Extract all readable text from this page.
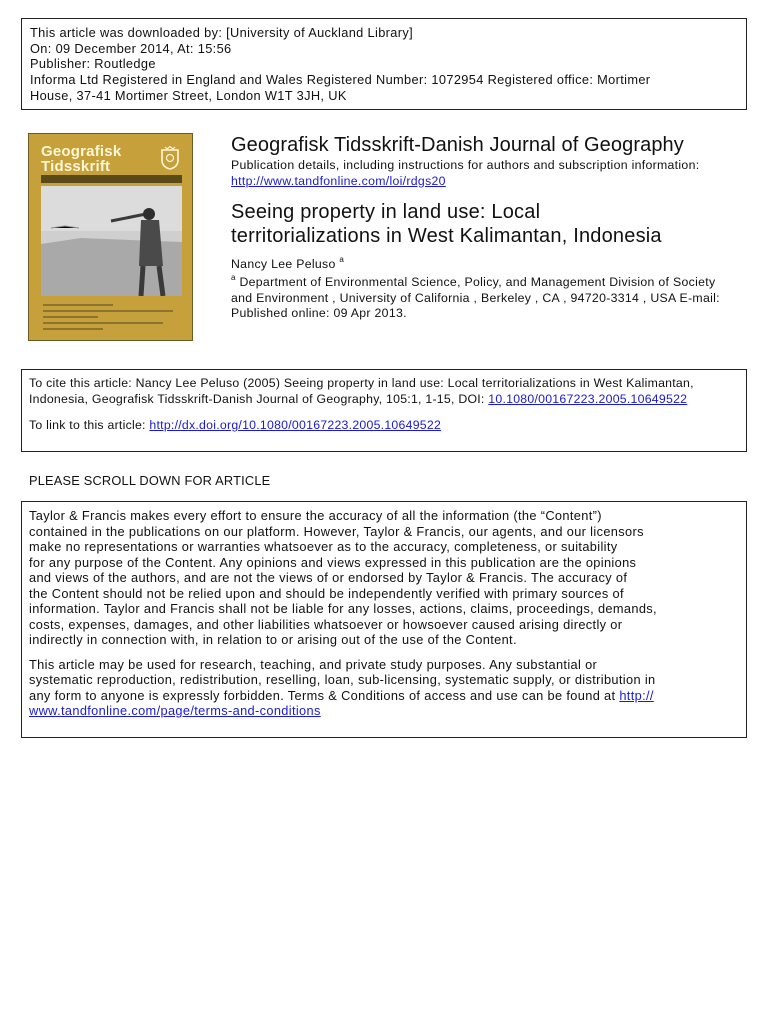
This article was downloaded by: [University of Auckland Library]
On: 09 December 2014, At: 15:56
Publisher: Routledge
Informa Ltd Registered in England and Wales Registered Number: 1072954 Registered office: Mortimer
House, 37-41 Mortimer Street, London W1T 3JH, UK
Geografisk
Tidsskrift
Geografisk Tidsskrift-Danish Journal of Geography
Publication details, including instructions for authors and subscription information:
http://www.tandfonline.com/loi/rdgs20
Seeing property in land use: Local
territorializations in West Kalimantan, Indonesia
Nancy Lee Peluso $^a$
$^a$ Department of Environmental Science, Policy, and Management Division of Society
and Environment , University of California , Berkeley , CA , 94720-3314 , USA E-mail:
Published online: 09 Apr 2013.
To cite this article: Nancy Lee Peluso (2005) Seeing property in land use: Local territorializations in West Kalimantan,
Indonesia, Geografisk Tidsskrift-Danish Journal of Geography, 105:1, 1-15, DOI: 10.1080/00167223.2005.10649522
To link to this article: http://dx.doi.org/10.1080/00167223.2005.10649522
PLEASE SCROLL DOWN FOR ARTICLE
Taylor & Francis makes every effort to ensure the accuracy of all the information (the “Content”)
contained in the publications on our platform. However, Taylor & Francis, our agents, and our licensors
make no representations or warranties whatsoever as to the accuracy, completeness, or suitability
for any purpose of the Content. Any opinions and views expressed in this publication are the opinions
and views of the authors, and are not the views of or endorsed by Taylor & Francis. The accuracy of
the Content should not be relied upon and should be independently verified with primary sources of
information. Taylor and Francis shall not be liable for any losses, actions, claims, proceedings, demands,
costs, expenses, damages, and other liabilities whatsoever or howsoever caused arising directly or
indirectly in connection with, in relation to or arising out of the use of the Content.
This article may be used for research, teaching, and private study purposes. Any substantial or
systematic reproduction, redistribution, reselling, loan, sub-licensing, systematic supply, or distribution in
any form to anyone is expressly forbidden. Terms & Conditions of access and use can be found at http://
www.tandfonline.com/page/terms-and-conditions
